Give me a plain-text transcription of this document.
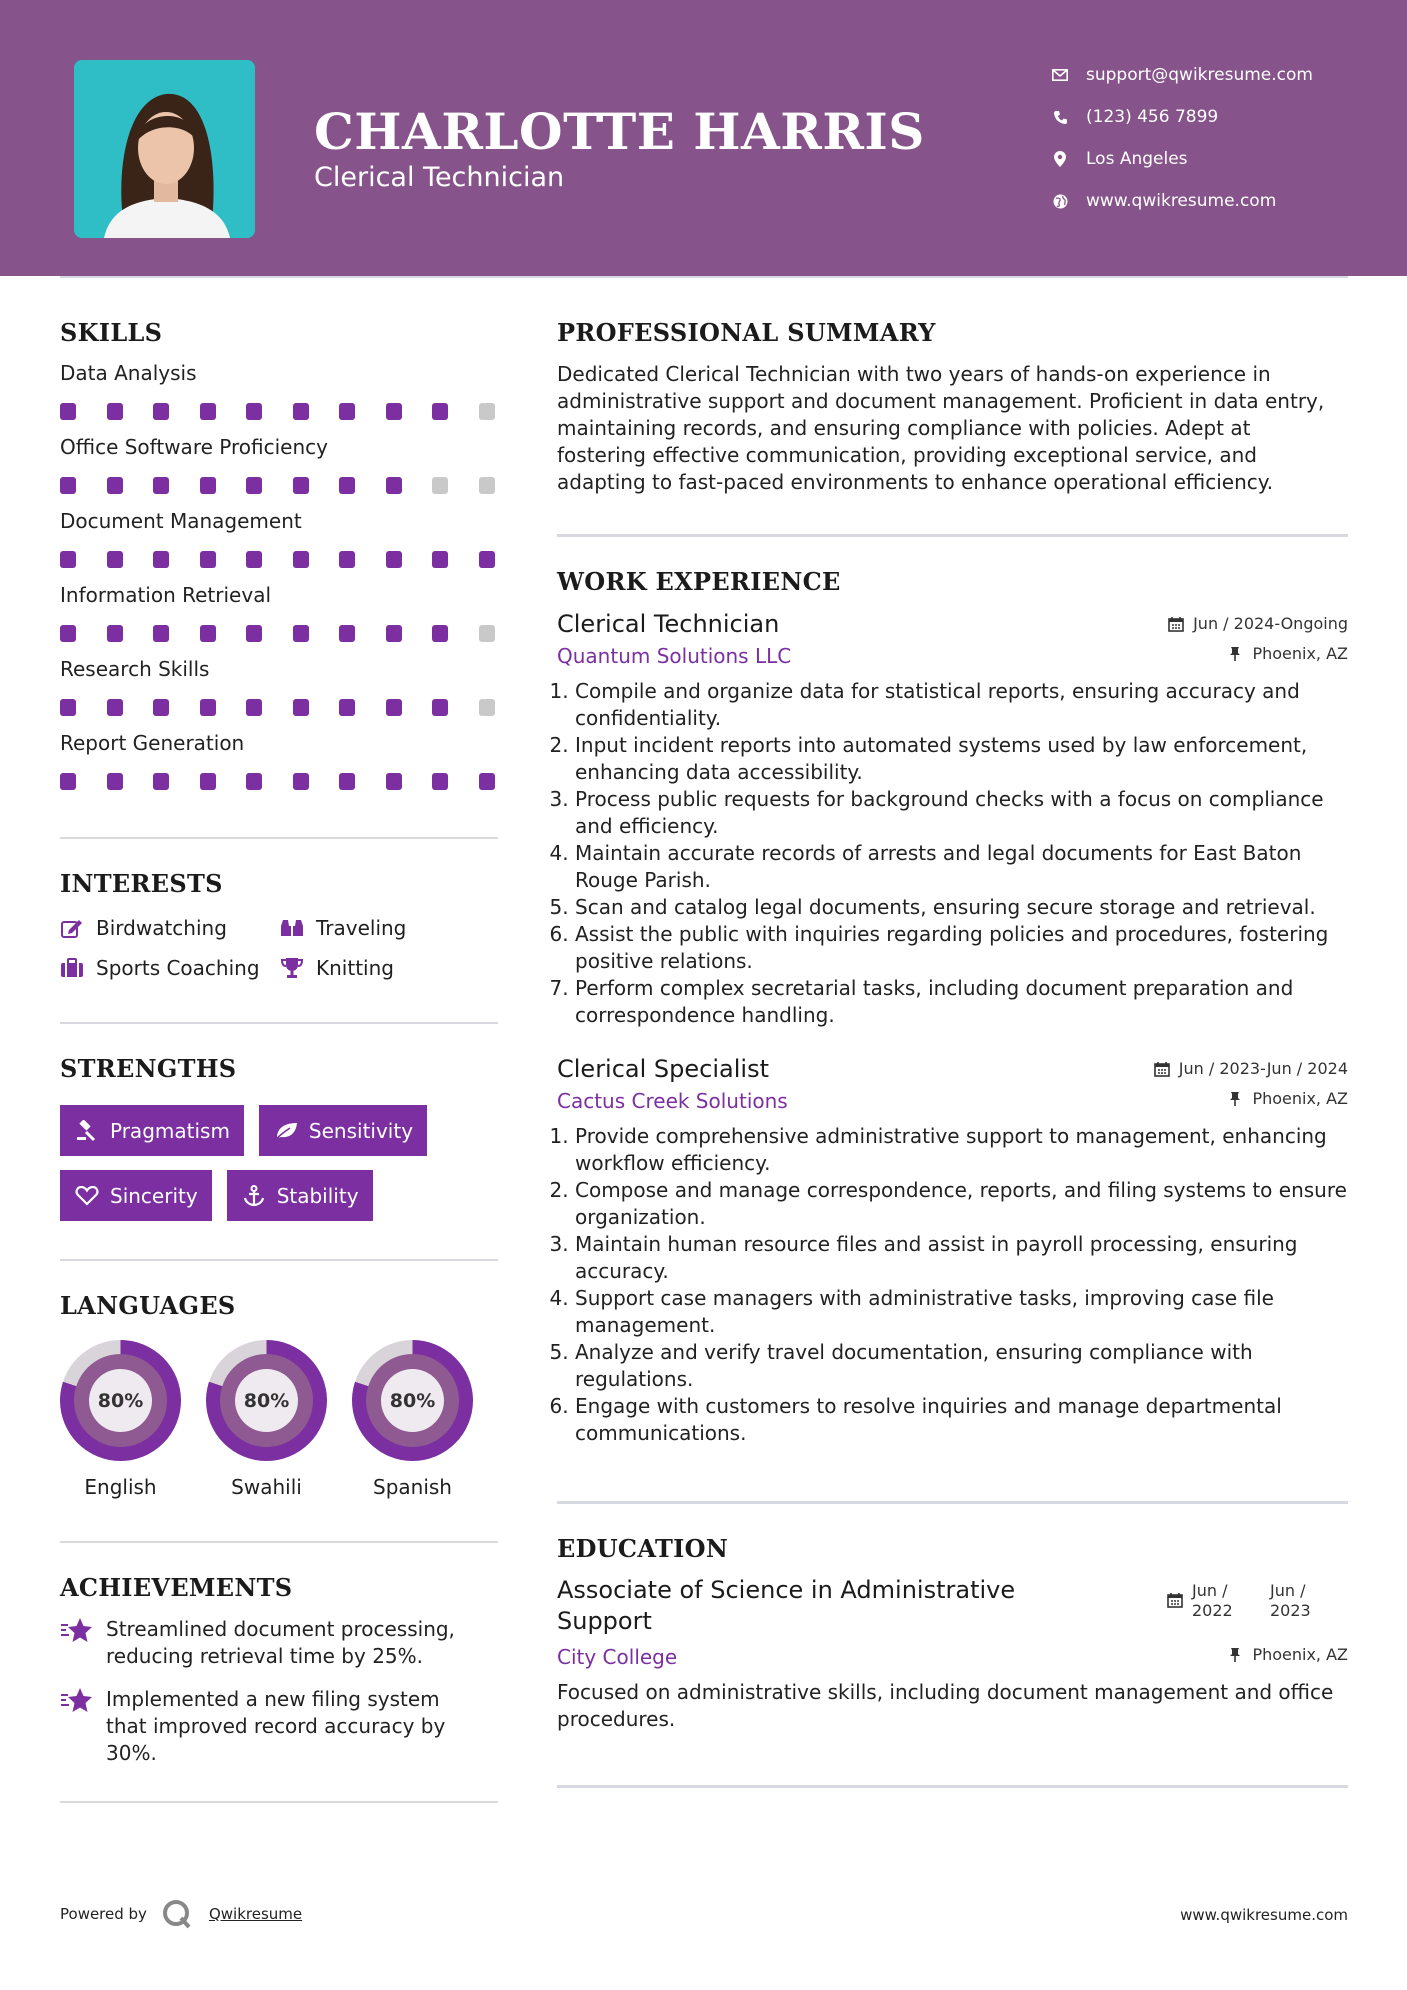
CHARLOTTE HARRIS
Clerical Technician
support@qwikresume.com
(123) 456 7899
Los Angeles
www.qwikresume.com
SKILLS
Data Analysis
Office Software Proficiency
Document Management
Information Retrieval
Research Skills
Report Generation
INTERESTS
Birdwatching	Traveling
Sports Coaching	Knitting
STRENGTHS
Pragmatism	Sensitivity
Sincerity	Stability
LANGUAGES
80%
English
80%
Swahili
80%
Spanish
ACHIEVEMENTS
Streamlined document processing, reducing retrieval time by 25%.
Implemented a new filing system that improved record accuracy by 30%.
PROFESSIONAL SUMMARY

Dedicated Clerical Technician with two years of hands-on experience in administrative support and document management. Proficient in data entry, maintaining records, and ensuring compliance with policies. Adept at fostering effective communication, providing exceptional service, and adapting to fast-paced environments to enhance operational efficiency.

WORK EXPERIENCE
Clerical Technician	Jun / 2024-Ongoing
Quantum Solutions LLC	Phoenix, AZ
1. Compile and organize data for statistical reports, ensuring accuracy and confidentiality.
2. Input incident reports into automated systems used by law enforcement, enhancing data accessibility.
3. Process public requests for background checks with a focus on compliance and efficiency.
4. Maintain accurate records of arrests and legal documents for East Baton Rouge Parish.
5. Scan and catalog legal documents, ensuring secure storage and retrieval.
6. Assist the public with inquiries regarding policies and procedures, fostering positive relations.
7. Perform complex secretarial tasks, including document preparation and correspondence handling.
Clerical Specialist	Jun / 2023-Jun / 2024
Cactus Creek Solutions	Phoenix, AZ
1. Provide comprehensive administrative support to management, enhancing workflow efficiency.
2. Compose and manage correspondence, reports, and filing systems to ensure organization.
3. Maintain human resource files and assist in payroll processing, ensuring accuracy.
4. Support case managers with administrative tasks, improving case file management.
5. Analyze and verify travel documentation, ensuring compliance with regulations.
6. Engage with customers to resolve inquiries and manage departmental communications.
EDUCATION
Associate of Science in Administrative Support
Jun /
2022
Jun /
2023
City College	Phoenix, AZ

Focused on administrative skills, including document management and office procedures.

Powered by	Qwikresume	www.qwikresume.com
